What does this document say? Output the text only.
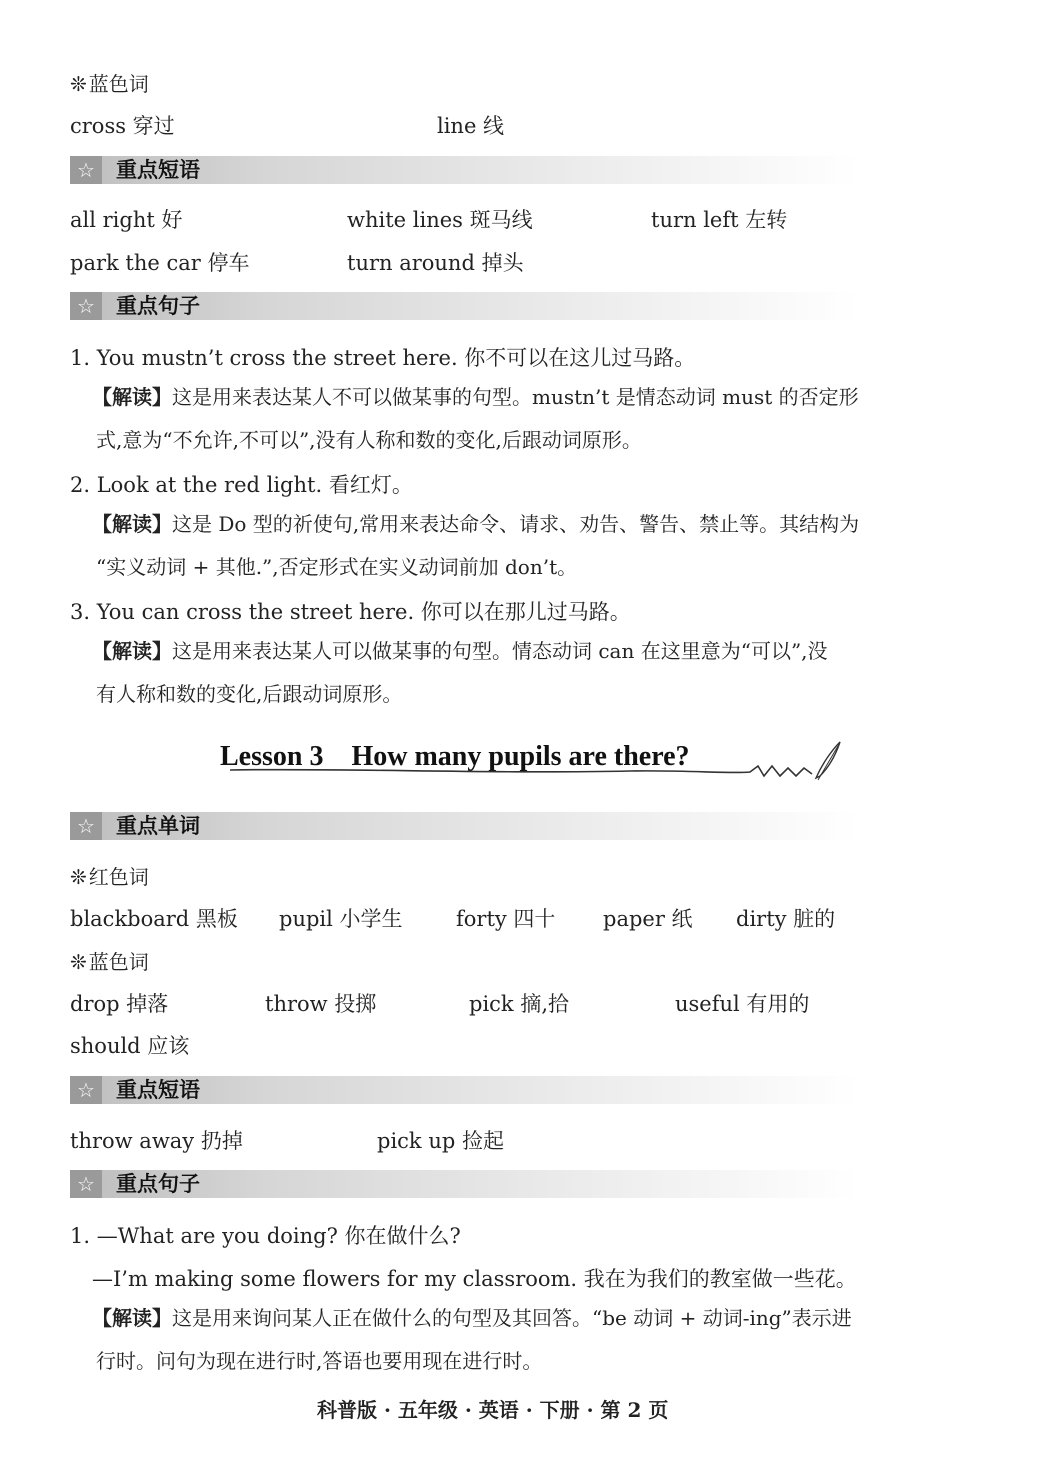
❊ 蓝色词
cross 穿过	line 线
☆	重点短语
all right 好	white lines 斑马线	turn left 左转
park the car 停车	turn around 掉头
☆	重点句子
1. You mustn’t cross the street here. 你不可以在这儿过马路。
【解读】这是用来表达某人不可以做某事的句型。mustn’t 是情态动词 must 的否定形
式,意为“不允许,不可以”,没有人称和数的变化,后跟动词原形。
2. Look at the red light. 看红灯。
【解读】这是 Do 型的祈使句,常用来表达命令、请求、劝告、警告、禁止等。其结构为
“实义动词 + 其他.”,否定形式在实义动词前加 don’t。
3. You can cross the street here. 你可以在那儿过马路。
【解读】这是用来表达某人可以做某事的句型。情态动词 can 在这里意为“可以”,没
有人称和数的变化,后跟动词原形。
Lesson 3　How many pupils are there?
☆	重点单词
❊ 红色词
blackboard 黑板 pupil 小学生	forty 四十 paper 纸 dirty 脏的
❊ 蓝色词
drop 掉落	throw 投掷	pick 摘,拾	useful 有用的
should 应该
☆	重点短语
throw away 扔掉	pick up 捡起
☆	重点句子
1. —What are you doing? 你在做什么?
—I’m making some flowers for my classroom. 我在为我们的教室做一些花。
【解读】这是用来询问某人正在做什么的句型及其回答。“be 动词 + 动词-ing”表示进
行时。问句为现在进行时,答语也要用现在进行时。
科普版 · 五年级 · 英语 · 下册 · 第 2 页
